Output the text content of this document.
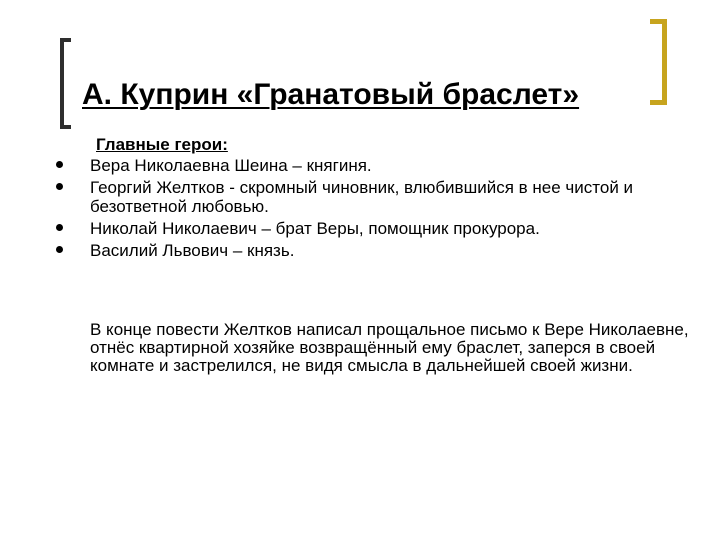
А. Куприн «Гранатовый браслет»
Главные герои:
Вера Николаевна Шеина – княгиня.
Георгий Желтков - скромный чиновник, влюбившийся в нее чистой и безответной любовью.
Николай Николаевич – брат Веры, помощник прокурора.
Василий Львович – князь.
В конце повести Желтков написал прощальное письмо к Вере Николаевне, отнёс квартирной хозяйке возвращённый ему браслет, заперся в своей комнате и застрелился, не видя смысла в дальнейшей своей жизни.
